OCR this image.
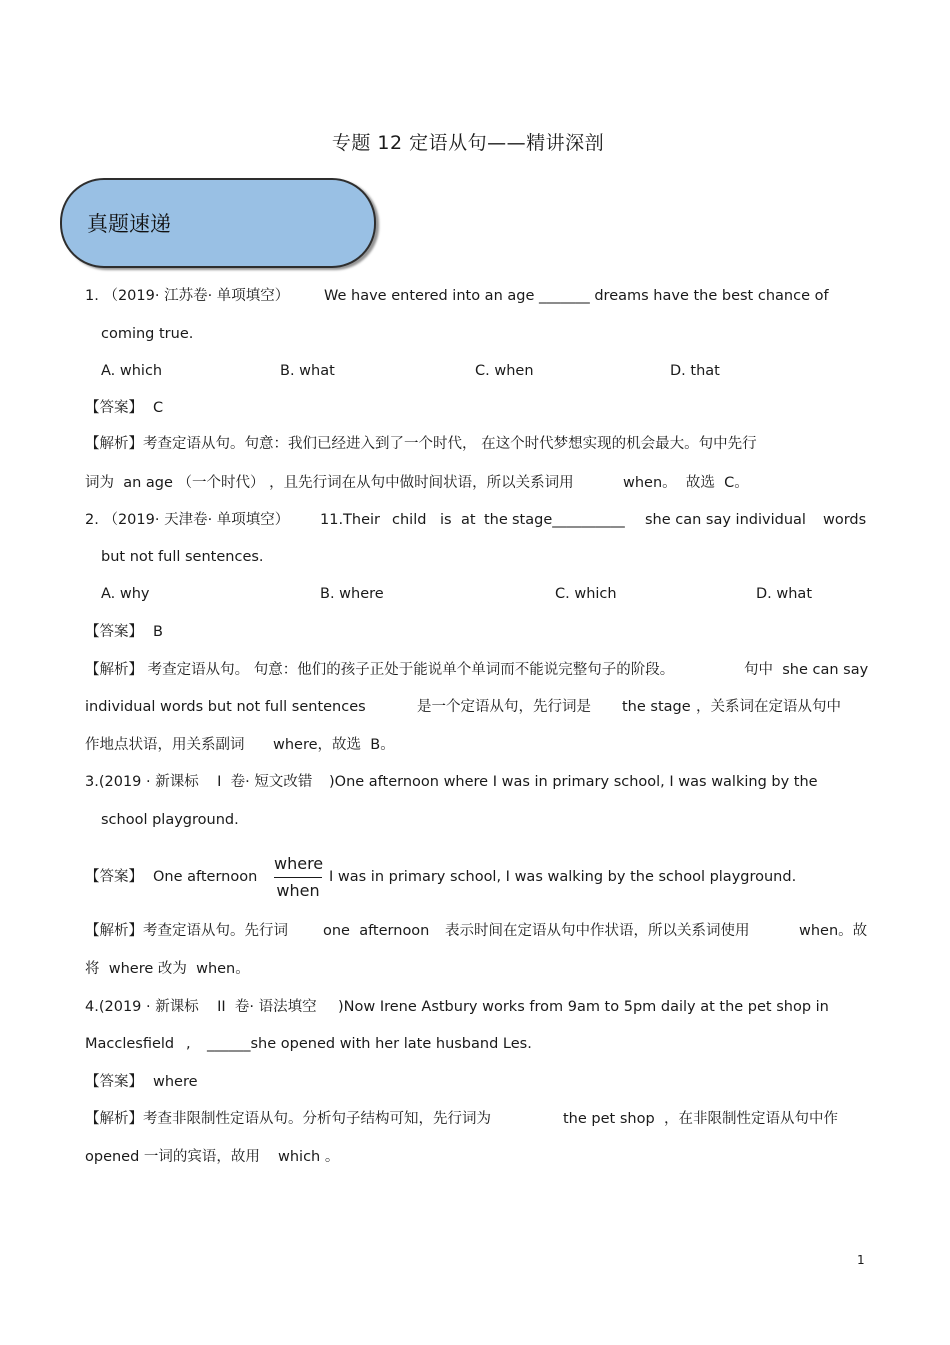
专题 12 定语从句——精讲深剖
真题速递
1. （2019· 江苏卷· 单项填空） We have entered into an age _______ dreams have the best chance of
coming true.
A. which	B. what	C. when	D. that
【答案】 C
【解析】考查定语从句。句意：我们已经进入到了一个时代， 在这个时代梦想实现的机会最大。句中先行
词为  an age （一个时代） ，且先行词在从句中做时间状语，所以关系词用	when。  故选  C。
2. （2019· 天津卷· 单项填空） 11.Their child is at the stage__________ she can say individual words
but not full sentences.
A. why	B. where	C. which	D. what
【答案】 B
【解析】 考查定语从句。 句意：他们的孩子正处于能说单个单词而不能说完整句子的阶段。	句中  she can say
individual words but not full sentences	是一个定语从句，先行词是 the stage ，关系词在定语从句中
作地点状语，用关系副词 where，故选  B。
3.(2019 · 新课标    I  卷· 短文改错 )One afternoon where I was in primary school, I was walking by the
school playground.
【答案】 One afternoon
where
when
I was in primary school, I was walking by the school playground.
【解析】考查定语从句。先行词 one  afternoon 表示时间在定语从句中作状语，所以关系词使用	when。故
将  where 改为  when。
4.(2019 · 新课标    II  卷· 语法填空 )Now Irene Astbury works from 9am to 5pm daily at the pet shop in
Macclesfield , ______she opened with her late husband Les.
【答案】 where
【解析】考查非限制性定语从句。分析句子结构可知，先行词为	the pet shop ，在非限制性定语从句中作
opened 一词的宾语，故用 which 。
1
